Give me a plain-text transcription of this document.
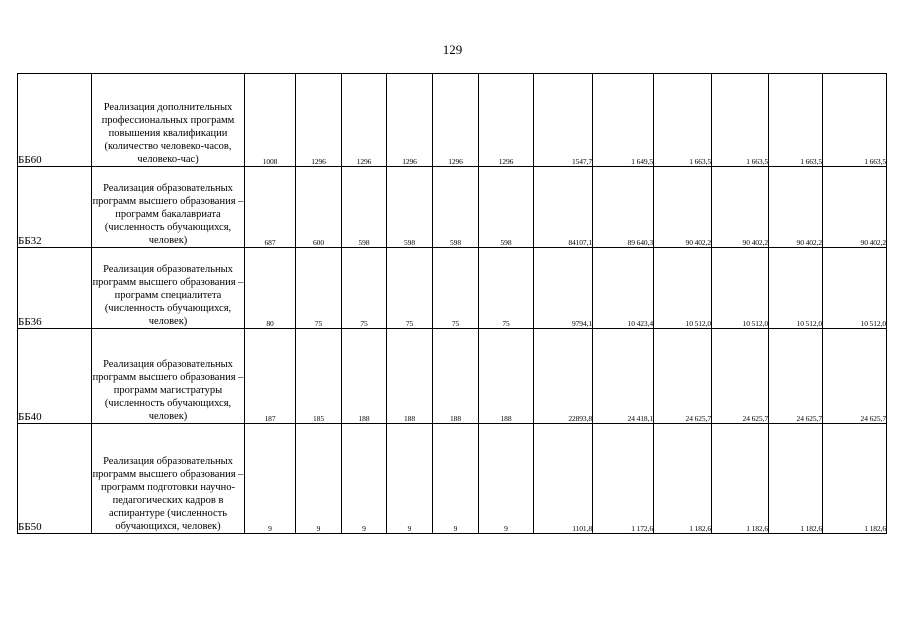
129
ББ60	Реализация дополнительных профессиональных программ повышения квалификации (количество человеко-часов, человеко-час)	1008	1296	1296	1296	1296	1296	1547,7	1 649,5	1 663,5	1 663,5	1 663,5	1 663,5
ББ32	Реализация образовательных программ высшего образования – программ бакалавриата (численность обучающихся, человек)	687	600	598	598	598	598	84107,1	89 640,3	90 402,2	90 402,2	90 402,2	90 402,2
ББ36	Реализация образовательных программ высшего образования – программ специалитета (численность обучающихся, человек)	80	75	75	75	75	75	9794,1	10 423,4	10 512,0	10 512,0	10 512,0	10 512,0
ББ40	Реализация образовательных программ высшего образования – программ магистратуры (численность обучающихся, человек)	187	185	188	188	188	188	22893,8	24 418,1	24 625,7	24 625,7	24 625,7	24 625,7
ББ50	Реализация образовательных программ высшего образования – программ подготовки научно-педагогических кадров в аспирантуре (численность обучающихся, человек)	9	9	9	9	9	9	1101,8	1 172,6	1 182,6	1 182,6	1 182,6	1 182,6
